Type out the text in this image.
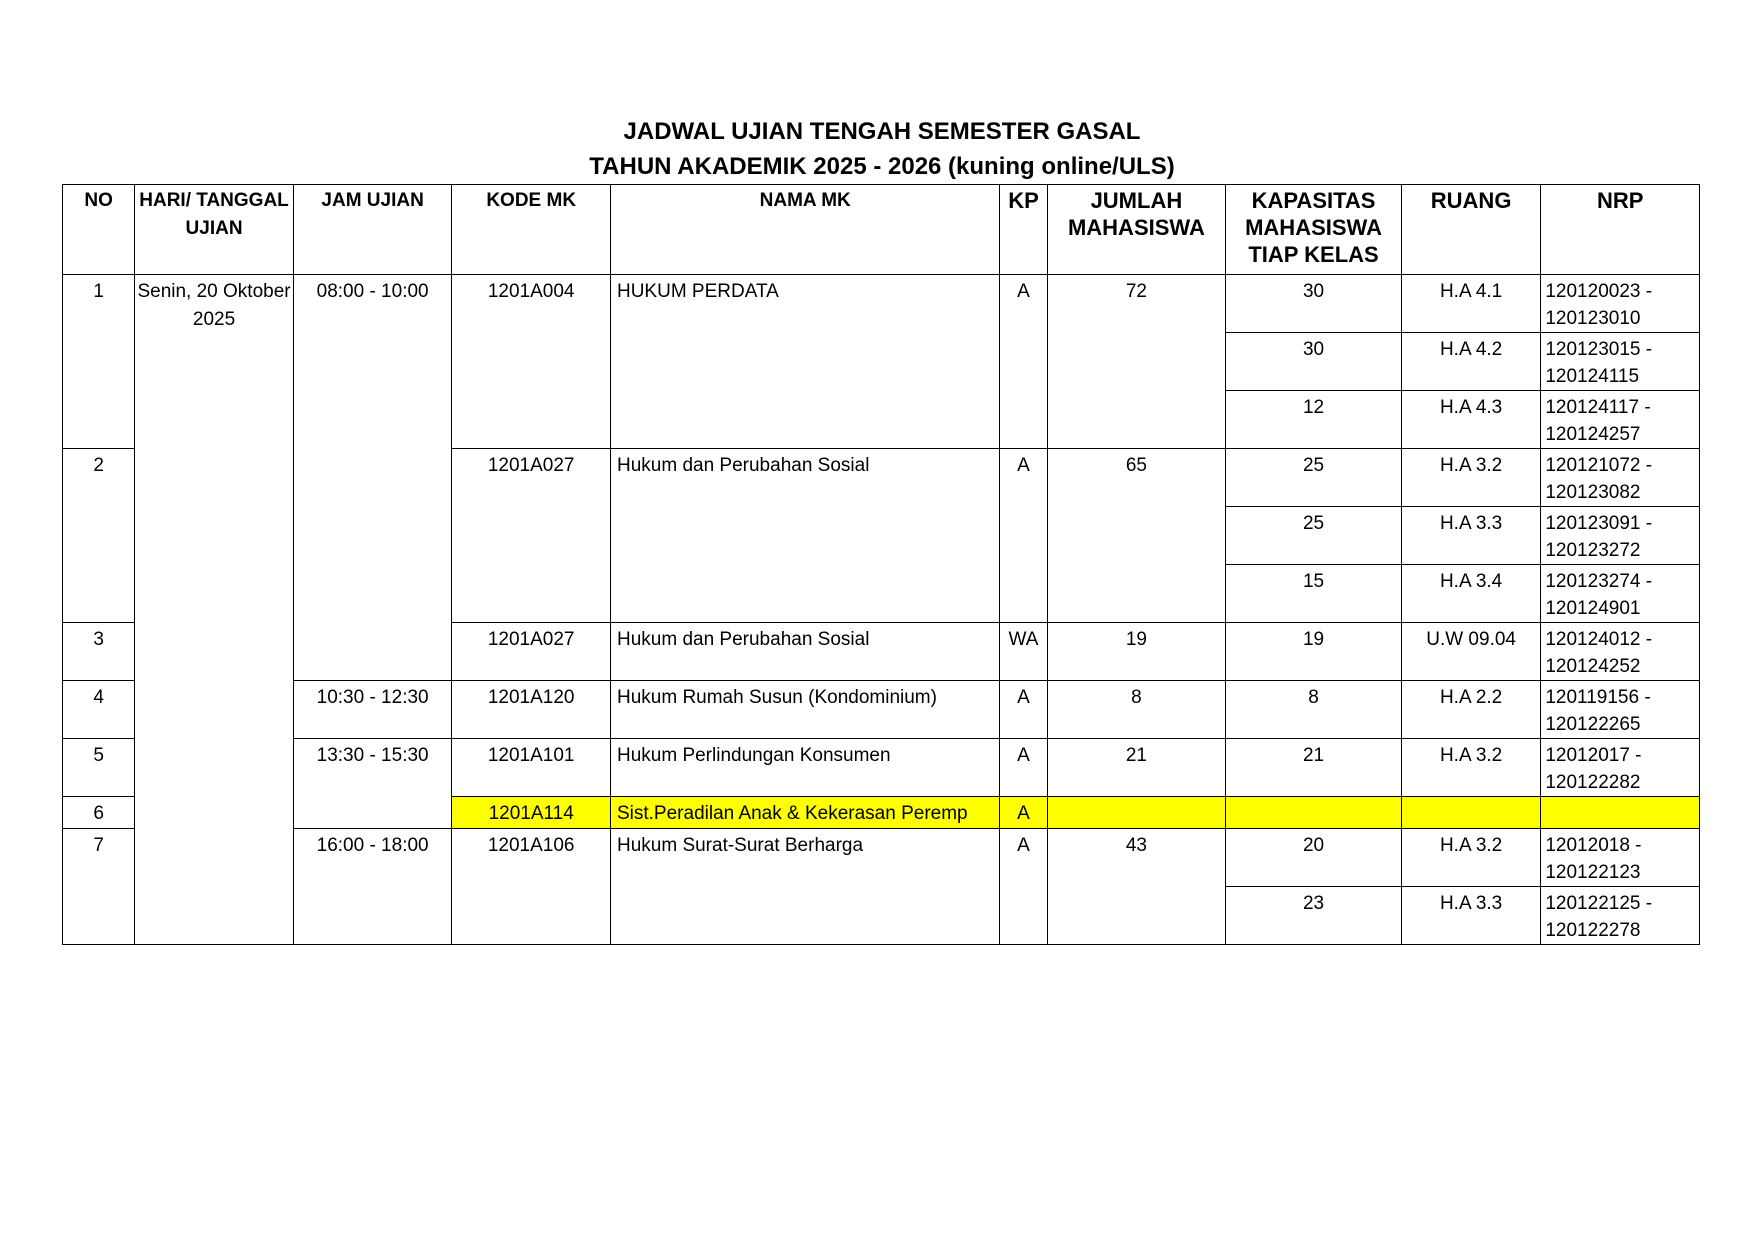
JADWAL UJIAN TENGAH SEMESTER GASAL
TAHUN AKADEMIK 2025 - 2026 (kuning online/ULS)
NO	HARI/ TANGGAL UJIAN	JAM UJIAN	KODE MK	NAMA MK	KP	JUMLAH MAHASISWA	KAPASITAS MAHASISWA TIAP KELAS	RUANG	NRP
1	Senin, 20 Oktober 2025	08:00 - 10:00	1201A004	HUKUM PERDATA	A	72	30	H.A 4.1	120120023 - 120123010
							30	H.A 4.2	120123015 - 120124115
							12	H.A 4.3	120124117 - 120124257
2			1201A027	Hukum dan Perubahan Sosial	A	65	25	H.A 3.2	120121072 - 120123082
							25	H.A 3.3	120123091 - 120123272
							15	H.A 3.4	120123274 - 120124901
3			1201A027	Hukum dan Perubahan Sosial	WA	19	19	U.W 09.04	120124012 - 120124252
4		10:30 - 12:30	1201A120	Hukum Rumah Susun (Kondominium)	A	8	8	H.A 2.2	120119156 - 120122265
5		13:30 - 15:30	1201A101	Hukum Perlindungan Konsumen	A	21	21	H.A 3.2	12012017 - 120122282
6			1201A114	Sist.Peradilan Anak & Kekerasan Peremp	A				
7		16:00 - 18:00	1201A106	Hukum Surat-Surat Berharga	A	43	20	H.A 3.2	12012018 - 120122123
							23	H.A 3.3	120122125 - 120122278
